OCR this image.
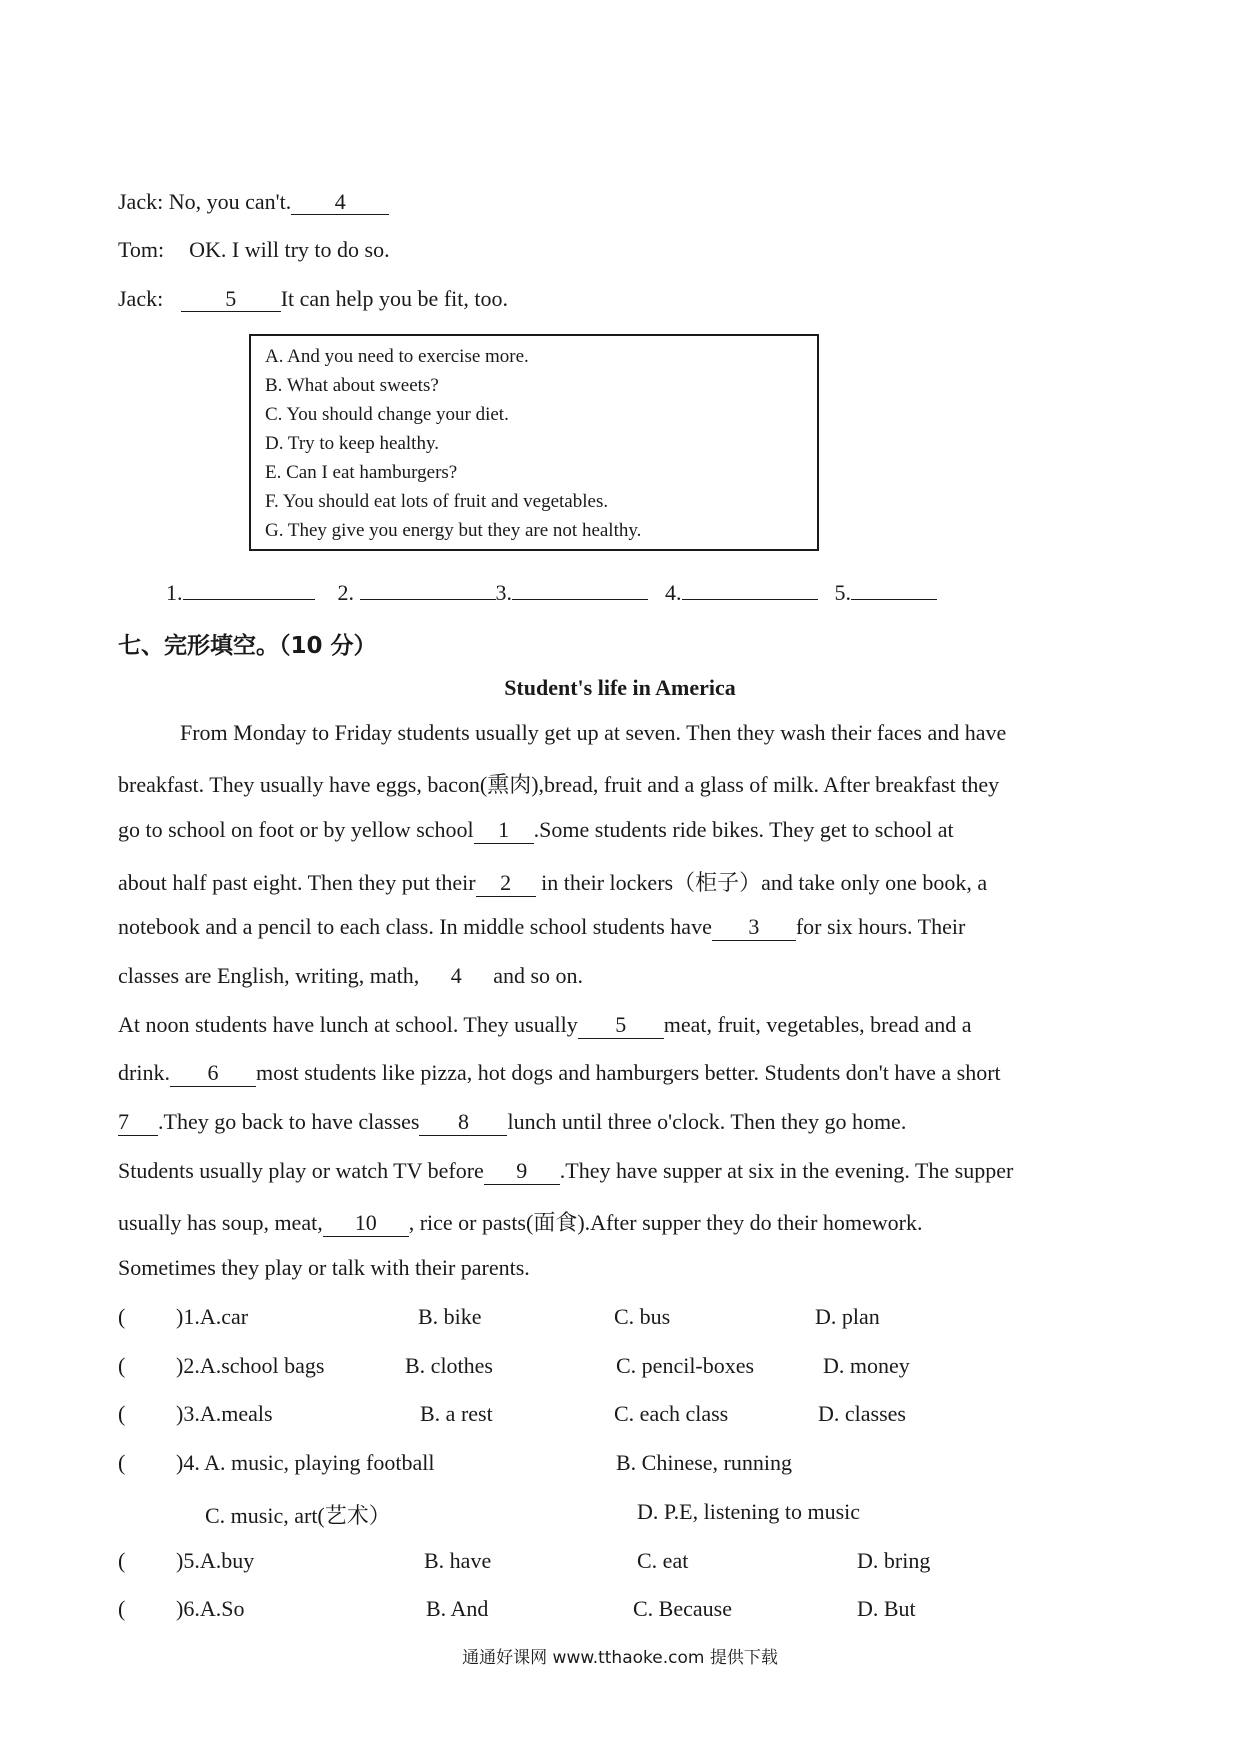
Jack: No, you can't. 4
Tom: OK. I will try to do so.
Jack:	5 It can help you be fit, too.
A. And you need to exercise more.
B. What about sweets?
C. You should change your diet.
D. Try to keep healthy.
E. Can I eat hamburgers?
F. You should eat lots of fruit and vegetables.
G. They give you energy but they are not healthy.
1.	2.	3.	4.	5.
七、完形填空。（10 分）
Student's life in America
From Monday to Friday students usually get up at seven. Then they wash their faces and have
breakfast. They usually have eggs, bacon(熏肉),bread, fruit and a glass of milk. After breakfast they
go to school on foot or by yellow school 1 .Some students ride bikes. They get to school at
about half past eight. Then they put their 2 in their lockers（柜子）and take only one book, a
notebook and a pencil to each class. In middle school students have 3 for six hours. Their
classes are English, writing, math, 4 and so on.
At noon students have lunch at school. They usually 5 meat, fruit, vegetables, bread and a
drink. 6 most students like pizza, hot dogs and hamburgers better. Students don't have a short
7 .They go back to have classes 8 lunch until three o'clock. Then they go home.
Students usually play or watch TV before 9 .They have supper at six in the evening. The supper
usually has soup, meat, 10 , rice or pasts(面食).After supper they do their homework.
Sometimes they play or talk with their parents.
( )1.A.car	B. bike	C. bus	D. plan
( )2.A.school bags	B. clothes	C. pencil-boxes	D. money
( )3.A.meals	B. a rest	C. each class	D. classes
( )4. A. music, playing football	B. Chinese, running
C. music, art(艺术）	D. P.E, listening to music
( )5.A.buy	B. have	C. eat	D. bring
( )6.A.So	B. And	C. Because	D. But
通通好课网 www.tthaoke.com 提供下载
